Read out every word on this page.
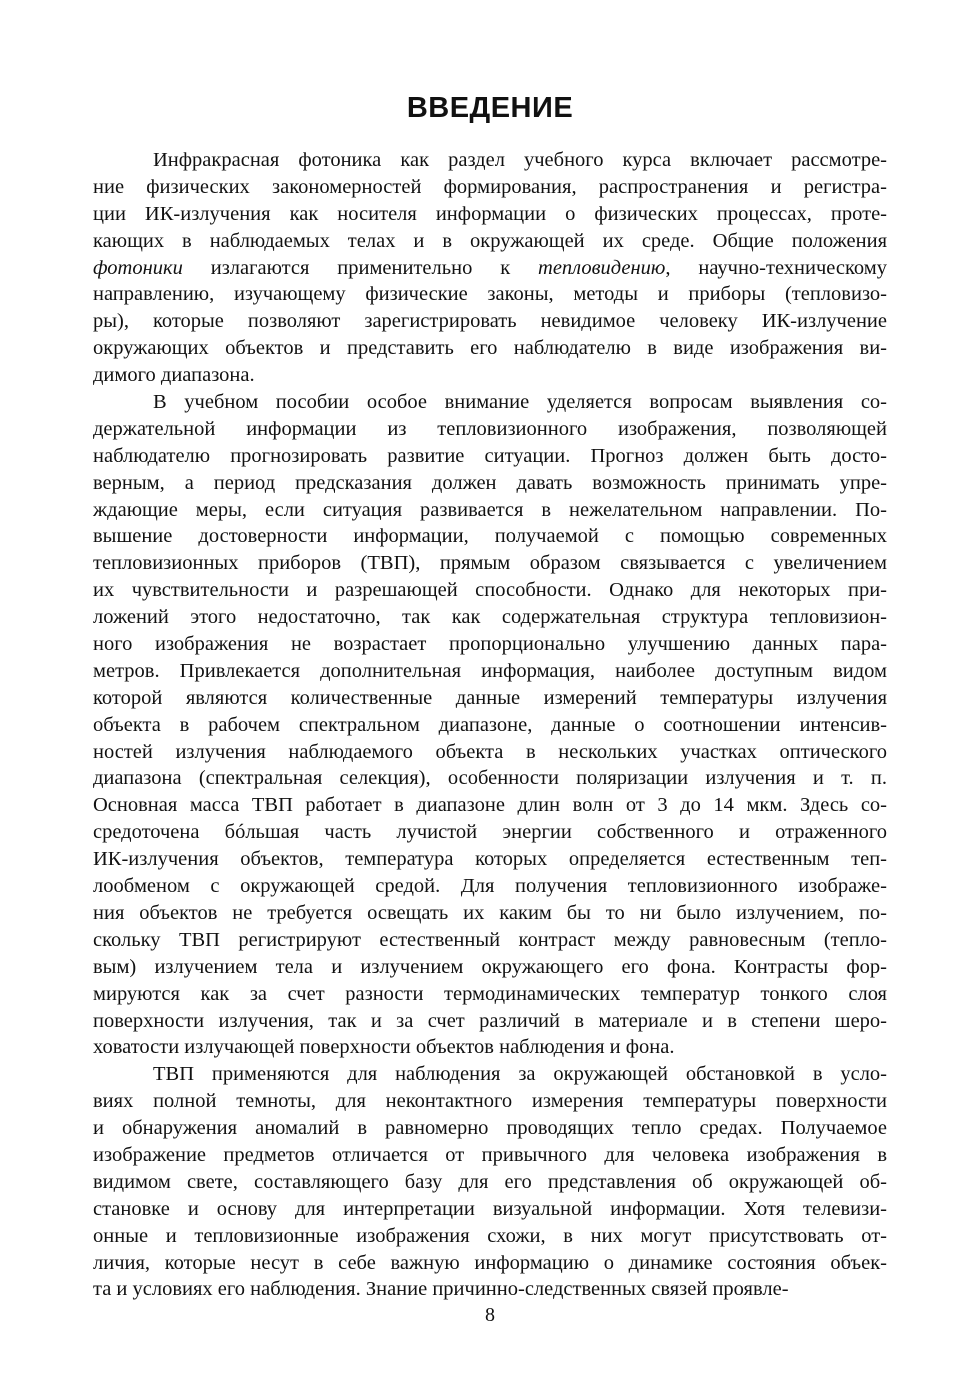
ВВЕДЕНИЕ
Инфракрасная фотоника как раздел учебного курса включает рассмотре-
ние физических закономерностей формирования, распространения и регистра-
ции ИК-излучения как носителя информации о физических процессах, проте-
кающих в наблюдаемых телах и в окружающей их среде. Общие положения
фотоники излагаются применительно к тепловидению, научно-техническому
направлению, изучающему физические законы, методы и приборы (тепловизо-
ры), которые позволяют зарегистрировать невидимое человеку ИК-излучение
окружающих объектов и представить его наблюдателю в виде изображения ви-
димого диапазона.
В учебном пособии особое внимание уделяется вопросам выявления со-
держательной информации из тепловизионного изображения, позволяющей
наблюдателю прогнозировать развитие ситуации. Прогноз должен быть досто-
верным, а период предсказания должен давать возможность принимать упре-
ждающие меры, если ситуация развивается в нежелательном направлении. По-
вышение достоверности информации, получаемой с помощью современных
тепловизионных приборов (ТВП), прямым образом связывается с увеличением
их чувствительности и разрешающей способности. Однако для некоторых при-
ложений этого недостаточно, так как содержательная структура тепловизион-
ного изображения не возрастает пропорционально улучшению данных пара-
метров. Привлекается дополнительная информация, наиболее доступным видом
которой являются количественные данные измерений температуры излучения
объекта в рабочем спектральном диапазоне, данные о соотношении интенсив-
ностей излучения наблюдаемого объекта в нескольких участках оптического
диапазона (спектральная селекция), особенности поляризации излучения и т. п.
Основная масса ТВП работает в диапазоне длин волн от 3 до 14 мкм. Здесь со-
средоточена бóльшая часть лучистой энергии собственного и отраженного
ИК-излучения объектов, температура которых определяется естественным теп-
лообменом с окружающей средой. Для получения тепловизионного изображе-
ния объектов не требуется освещать их каким бы то ни было излучением, по-
скольку ТВП регистрируют естественный контраст между равновесным (тепло-
вым) излучением тела и излучением окружающего его фона. Контрасты фор-
мируются как за счет разности термодинамических температур тонкого слоя
поверхности излучения, так и за счет различий в материале и в степени шеро-
ховатости излучающей поверхности объектов наблюдения и фона.
ТВП применяются для наблюдения за окружающей обстановкой в усло-
виях полной темноты, для неконтактного измерения температуры поверхности
и обнаружения аномалий в равномерно проводящих тепло средах. Получаемое
изображение предметов отличается от привычного для человека изображения в
видимом свете, составляющего базу для его представления об окружающей об-
становке и основу для интерпретации визуальной информации. Хотя телевизи-
онные и тепловизионные изображения схожи, в них могут присутствовать от-
личия, которые несут в себе важную информацию о динамике состояния объек-
та и условиях его наблюдения. Знание причинно-следственных связей проявле-
8
